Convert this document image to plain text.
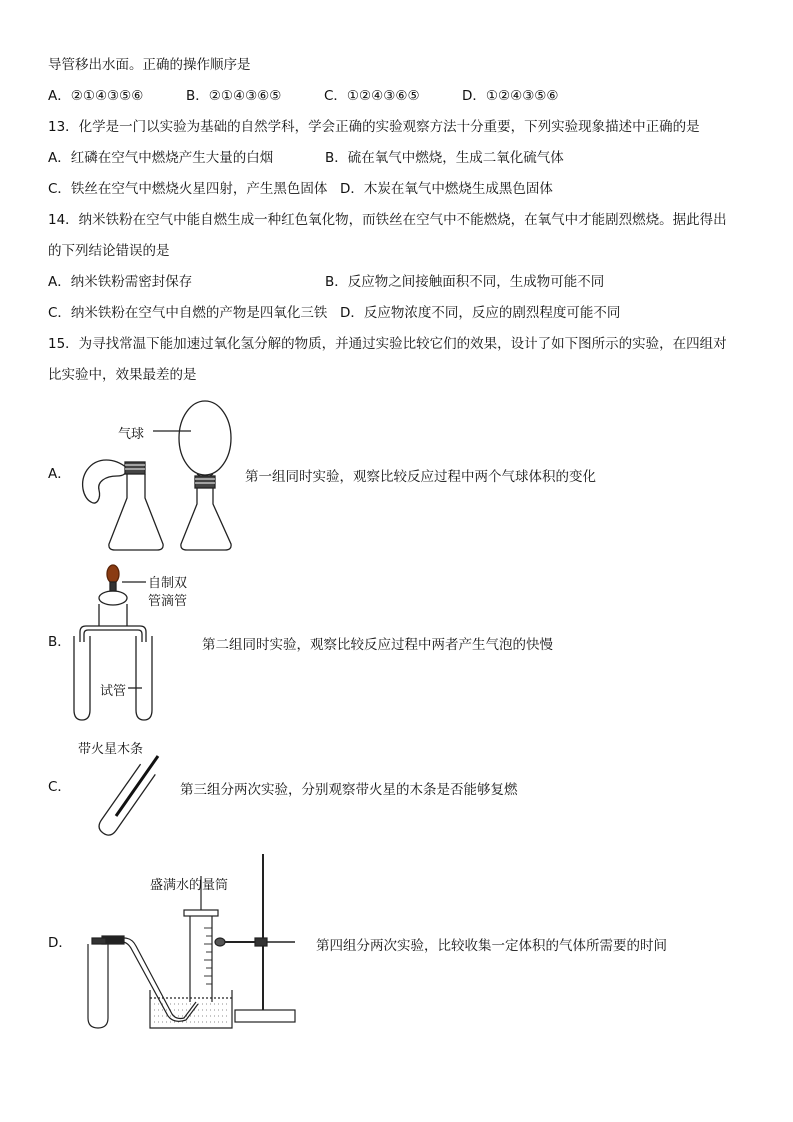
导管移出水面。正确的操作顺序是
A．②①④③⑤⑥	B．②①④③⑥⑤	C．①②④③⑥⑤	D．①②④③⑤⑥
13．化学是一门以实验为基础的自然学科，学会正确的实验观察方法十分重要，下列实验现象描述中正确的是
A．红磷在空气中燃烧产生大量的白烟	B．硫在氧气中燃烧，生成二氧化硫气体
C．铁丝在空气中燃烧火星四射，产生黑色固体 D．木炭在氧气中燃烧生成黑色固体
14．纳米铁粉在空气中能自燃生成一种红色氧化物，而铁丝在空气中不能燃烧，在氧气中才能剧烈燃烧。据此得出
的下列结论错误的是
A．纳米铁粉需密封保存	B．反应物之间接触面积不同，生成物可能不同
C．纳米铁粉在空气中自燃的产物是四氧化三铁 D．反应物浓度不同，反应的剧烈程度可能不同
15．为寻找常温下能加速过氧化氢分解的物质，并通过实验比较它们的效果，设计了如下图所示的实验，在四组对
比实验中，效果最差的是
A．
气球
第一组同时实验，观察比较反应过程中两个气球体积的变化
B．
自制双
管滴管
试管
第二组同时实验，观察比较反应过程中两者产生气泡的快慢
C．
带火星木条
第三组分两次实验，分别观察带火星的木条是否能够复燃
D．
盛满水的量筒
第四组分两次实验，比较收集一定体积的气体所需要的时间
